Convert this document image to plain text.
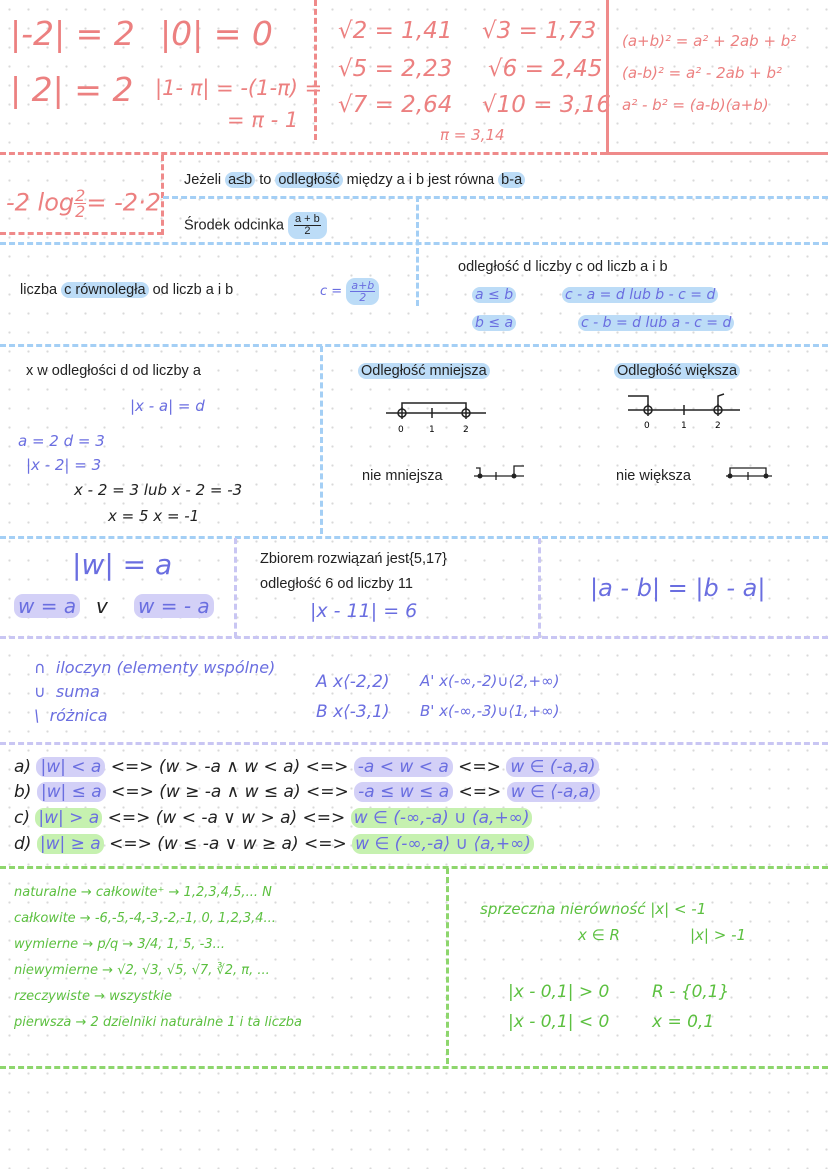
|-2| = 2
| 2| = 2
|0| = 0
|1- π| = -(1-π) =
= π - 1
√2 = 1,41 √3 = 1,73
√5 = 2,23 √6 = 2,45
√7 = 2,64 √10 = 3,16
π = 3,14
(a+b)² = a² + 2ab + b²
(a-b)² = a² - 2ab + b²
a² - b² = (a-b)(a+b)
-2 $\log \frac{2}{2} = -2\cdot 2$
Jeżeli a≤b to odległość między a i b jest równa b-a
Środek odcinka $\frac{a + b}{2}$
liczba c równoległa od liczb a i b	$c = \frac{a+b}{2}$
odległość d liczby c od liczb a i b
a ≤ b
b ≤ a
c - a = d lub b - c = d
c - b = d lub a - c = d
x w odległości d od liczby a
|x - a| = d
a = 2 d = 3
|x - 2| = 3
x - 2 = 3 lub x - 2 = -3
x = 5 x = -1
Odległość mniejsza	Odległość większa
0	1	2	0	1	2
nie mniejsza	nie większa
|w| = a
w = a v w = - a
Zbiorem rozwiązań jest{5,17}
odległość 6 od liczby 11
|x - 11| = 6
|a - b| = |b - a|
∩ iloczyn (elementy wspólne)
∪ suma
\ różnica
A x⟨-2,2) A' x(-∞,-2)∪⟨2,+∞)
B x⟨-3,1) B' x(-∞,-3)∪⟨1,+∞)
a) |w| < a <=> (w > -a ∧ w < a) <=> -a < w < a <=> w ∈ (-a,a)
b) |w| ≤ a <=> (w ≥ -a ∧ w ≤ a) <=> -a ≤ w ≤ a <=> w ∈ ⟨-a,a⟩
c) |w| > a <=> (w < -a ∨ w > a) <=> w ∈ (-∞,-a) ∪ (a,+∞)
d) |w| ≥ a <=> (w ≤ -a ∨ w ≥ a) <=> w ∈ (-∞,-a⟩ ∪ ⟨a,+∞)
naturalne → całkowite⁺ → 1,2,3,4,5,... N
całkowite → -6,-5,-4,-3,-2,-1, 0, 1,2,3,4...
wymierne → p/q → 3/4, 1, 5, -3...
niewymierne → √2, √3, √5, √7, ∛2, π, ...
rzeczywiste → wszystkie
pierwsza → 2 dzielniki naturalne 1 i ta liczba
sprzeczna nierówność |x| < -1
x ∈ R	|x| > -1
|x - 0,1| > 0	R - {0,1}
|x - 0,1| < 0	x = 0,1
